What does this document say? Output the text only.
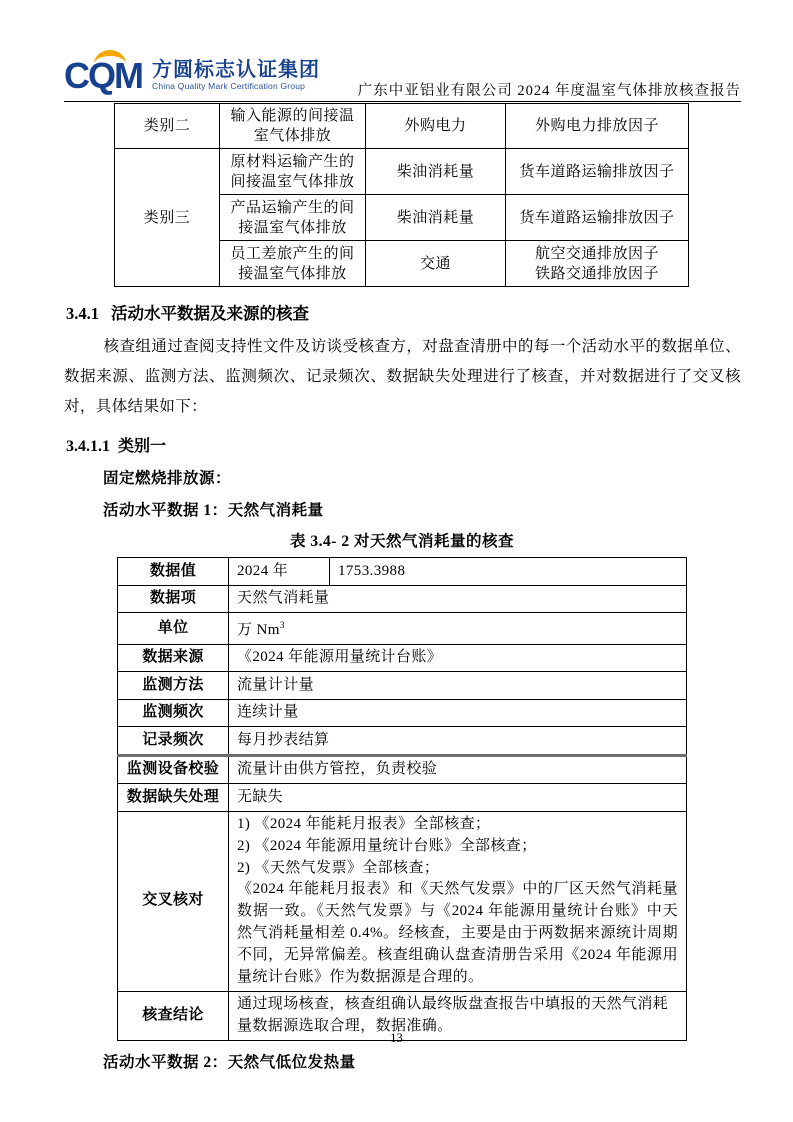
CQM 方圆标志认证集团
China Quality Mark Certification Group	广东中亚铝业有限公司 2024 年度温室气体排放核查报告
类别二	输入能源的间接温室气体排放	外购电力	外购电力排放因子
类别三	原材料运输产生的间接温室气体排放	柴油消耗量	货车道路运输排放因子
	产品运输产生的间接温室气体排放	柴油消耗量	货车道路运输排放因子
	员工差旅产生的间接温室气体排放	交通	航空交通排放因子
铁路交通排放因子
3.4.1 活动水平数据及来源的核查
核查组通过查阅支持性文件及访谈受核查方，对盘查清册中的每一个活动水平的数据单位、数据来源、监测方法、监测频次、记录频次、数据缺失处理进行了核查，并对数据进行了交叉核对，具体结果如下：
3.4.1.1 类别一
固定燃烧排放源：
活动水平数据 1：天然气消耗量
表 3.4- 2 对天然气消耗量的核查
数据值	2024 年	1753.3988
数据项	天然气消耗量	
单位	万 Nm$^3$
数据来源	《2024 年能源用量统计台账》	
监测方法	流量计计量	
监测频次	连续计量	
记录频次	每月抄表结算	
监测设备校验	流量计由供方管控，负责校验	
数据缺失处理	无缺失	
交叉核对	1) 《2024 年能耗月报表》全部核查；
2) 《2024 年能源用量统计台账》全部核查；
2) 《天然气发票》全部核查；
《2024 年能耗月报表》和《天然气发票》中的厂区天然气消耗量数据一致。《天然气发票》与《2024 年能源用量统计台账》中天然气消耗量相差 0.4%。经核查，主要是由于两数据来源统计周期不同，无异常偏差。核查组确认盘查清册告采用《2024 年能源用量统计台账》作为数据源是合理的。	

核查结论	通过现场核查，核查组确认最终版盘查报告中填报的天然气消耗量数据源选取合理，数据准确。	
活动水平数据 2：天然气低位发热量
13
